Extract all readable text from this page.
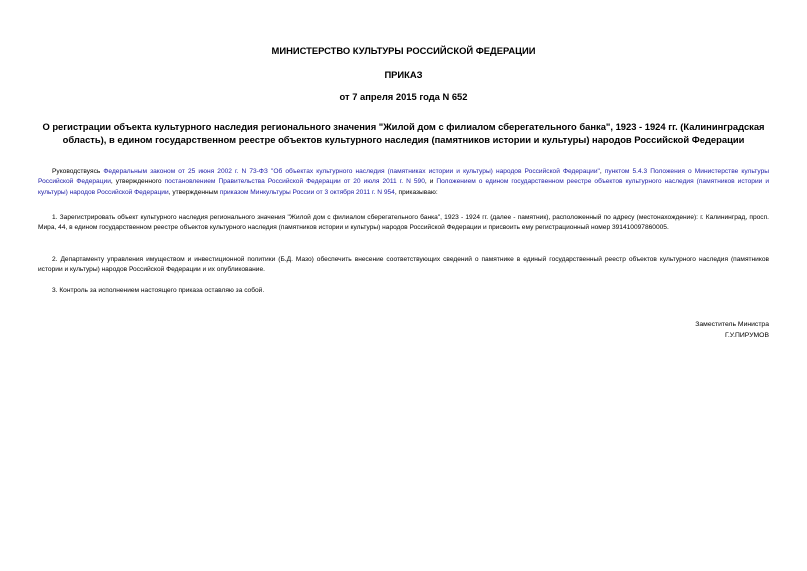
МИНИСТЕРСТВО КУЛЬТУРЫ РОССИЙСКОЙ ФЕДЕРАЦИИ
ПРИКАЗ
от 7 апреля 2015 года N 652
О регистрации объекта культурного наследия регионального значения "Жилой дом с филиалом сберегательного банка", 1923 - 1924 гг. (Калининградская область), в едином государственном реестре объектов культурного наследия (памятников истории и культуры) народов Российской Федерации
Руководствуясь Федеральным законом от 25 июня 2002 г. N 73-ФЗ "Об объектах культурного наследия (памятниках истории и культуры) народов Российской Федерации", пунктом 5.4.3 Положения о Министерстве культуры Российской Федерации, утвержденного постановлением Правительства Российской Федерации от 20 июля 2011 г. N 590, и Положением о едином государственном реестре объектов культурного наследия (памятников истории и культуры) народов Российской Федерации, утвержденным приказом Минкультуры России от 3 октября 2011 г. N 954, приказываю:
1. Зарегистрировать объект культурного наследия регионального значения "Жилой дом с филиалом сберегательного банка", 1923 - 1924 гг. (далее - памятник), расположенный по адресу (местонахождение): г. Калининград, просп. Мира, 44, в едином государственном реестре объектов культурного наследия (памятников истории и культуры) народов Российской Федерации и присвоить ему регистрационный номер 391410097860005.
2. Департаменту управления имуществом и инвестиционной политики (Б.Д. Мазо) обеспечить внесение соответствующих сведений о памятнике в единый государственный реестр объектов культурного наследия (памятников истории и культуры) народов Российской Федерации и их опубликование.
3. Контроль за исполнением настоящего приказа оставляю за собой.
Заместитель Министра
Г.У.ПИРУМОВ
